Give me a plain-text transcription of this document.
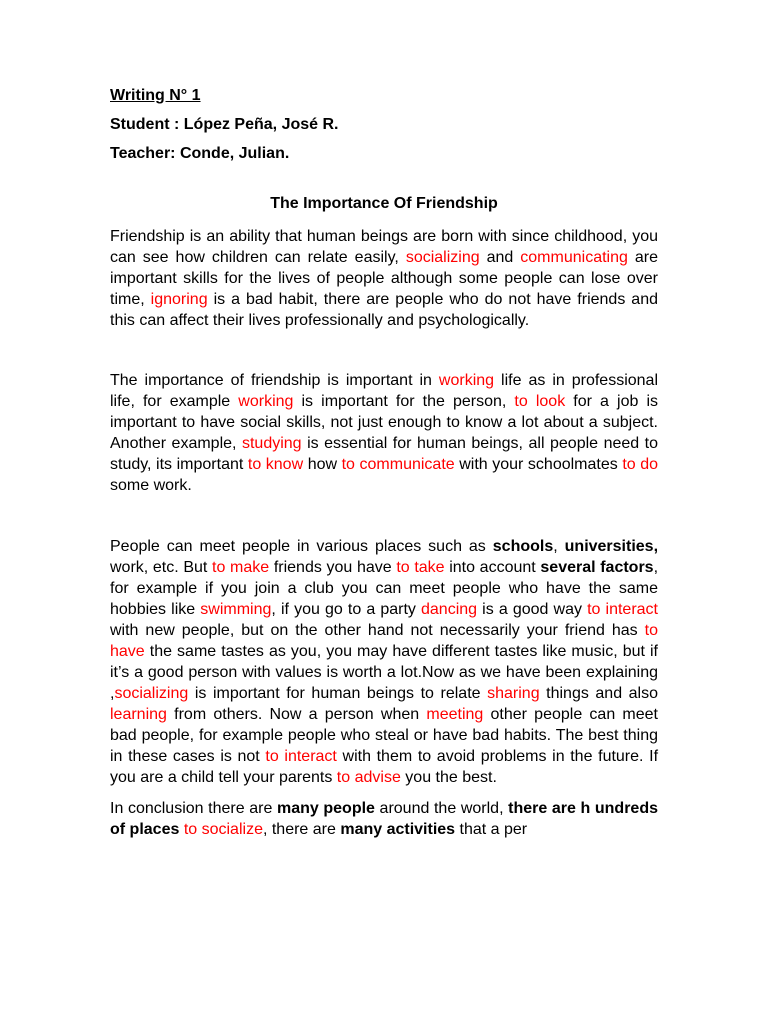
Writing N° 1
Student : López Peña, José R.
Teacher: Conde, Julian.
The Importance Of Friendship
Friendship is an ability that human beings are born with since childhood, you can see how children can relate easily, socializing and communicating are important skills for the lives of people although some people can lose over time, ignoring is a bad habit, there are people who do not have friends and this can affect their lives professionally and psychologically.
The importance of friendship is important in working life as in professional life, for example working is important for the person, to look for a job is important to have social skills, not just enough to know a lot about a subject. Another example, studying is essential for human beings, all people need to study, its important to know how to communicate with your schoolmates to do some work.
People can meet people in various places such as schools, universities, work, etc. But to make friends you have to take into account several factors, for example if you join a club you can meet people who have the same hobbies like swimming, if you go to a party dancing is a good way to interact with new people, but on the other hand not necessarily your friend has to have the same tastes as you, you may have different tastes like music, but if it’s a good person with values is worth a lot.Now as we have been explaining ,socializing is important for human beings to relate sharing things and also learning from others. Now a person when meeting other people can meet bad people, for example people who steal or have bad habits. The best thing in these cases is not to interact with them to avoid problems in the future. If you are a child tell your parents to advise you the best.
In conclusion there are many people around the world, there are h undreds of places to socialize, there are many activities that a per
